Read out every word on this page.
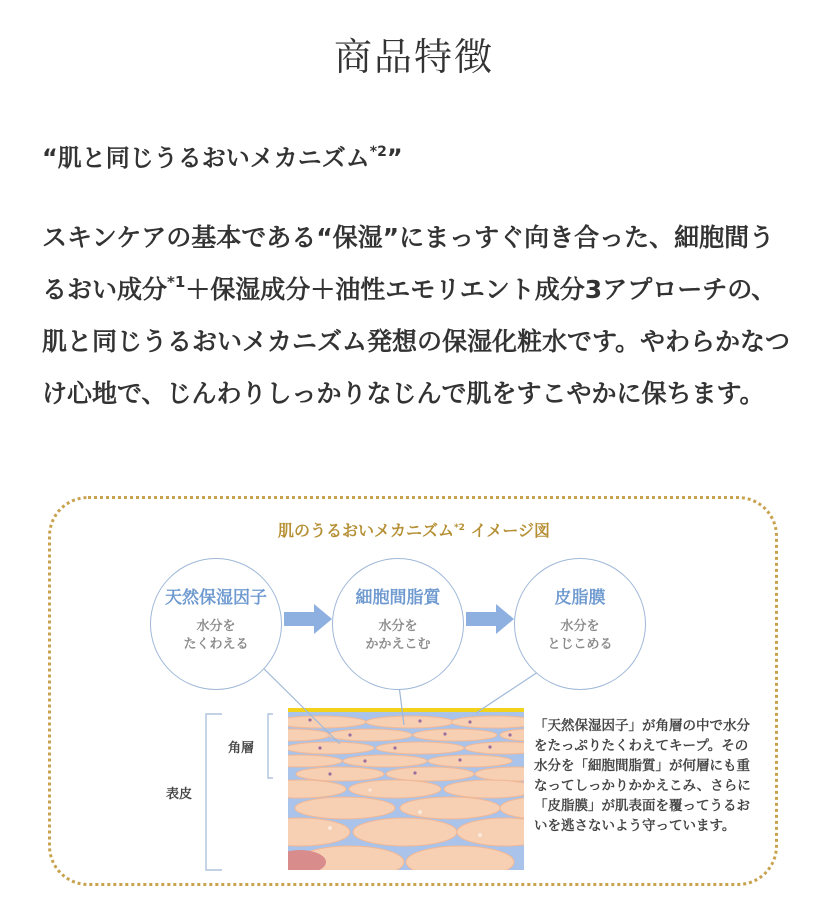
商品特徴
“肌と同じうるおいメカニズム$^{*2}$”
スキンケアの基本である“保湿”にまっすぐ向き合った、細胞間うるおい成分$^{*1}$＋保湿成分＋油性エモリエント成分3アプローチの、肌と同じうるおいメカニズム発想の保湿化粧水です。やわらかなつけ心地で、じんわりしっかりなじんで肌をすこやかに保ちます。
肌のうるおいメカニズム$^{*2}$ イメージ図
天然保湿因子
水分を
たくわえる
細胞間脂質
水分を
かかえこむ
皮脂膜
水分を
とじこめる
角層
表皮
「天然保湿因子」が角層の中で水分をたっぷりたくわえてキープ。その水分を「細胞間脂質」が何層にも重なってしっかりかかえこみ、さらに「皮脂膜」が肌表面を覆ってうるおいを逃さないよう守っています。
